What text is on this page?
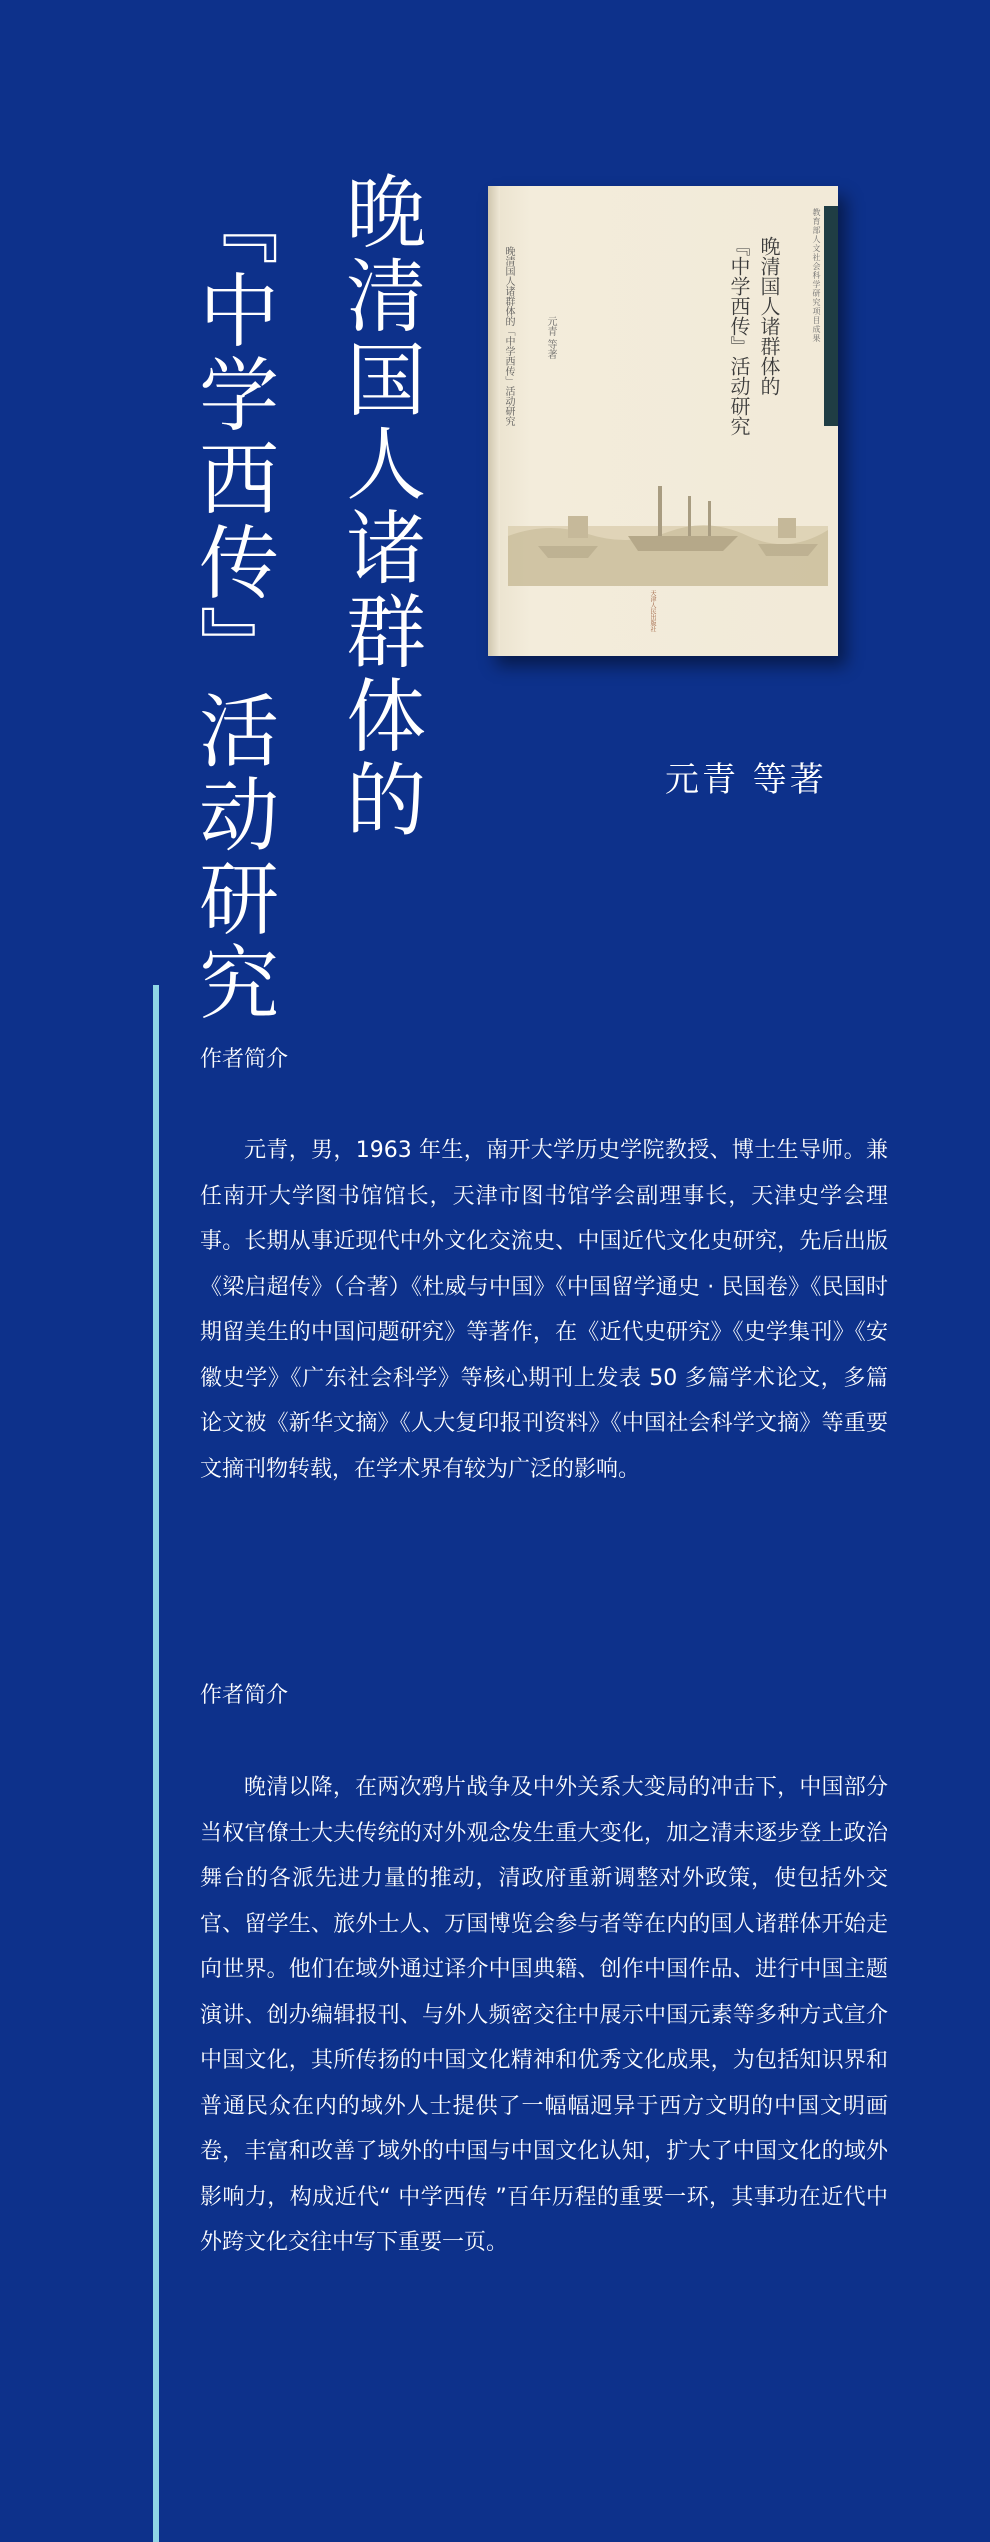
晚清国人诸群体的
『中学西传』活动研究	教育部人文社会科学研究项目成果
晚清国人诸群体的
『中学西传』活动研究
元青 等著
晚清国人诸群体的「中学西传」活动研究
天津人民出版社
元青 等著
作者简介

元青，男，1963 年生，南开大学历史学院教授、博士生导师。兼任南开大学图书馆馆长，天津市图书馆学会副理事长，天津史学会理事。长期从事近现代中外文化交流史、中国近代文化史研究，先后出版《梁启超传》（合著）《杜威与中国》《中国留学通史 · 民国卷》《民国时期留美生的中国问题研究》等著作，在《近代史研究》《史学集刊》《安徽史学》《广东社会科学》等核心期刊上发表 50 多篇学术论文，多篇论文被《新华文摘》《人大复印报刊资料》《中国社会科学文摘》等重要文摘刊物转载，在学术界有较为广泛的影响。

作者简介

晚清以降，在两次鸦片战争及中外关系大变局的冲击下，中国部分当权官僚士大夫传统的对外观念发生重大变化，加之清末逐步登上政治舞台的各派先进力量的推动，清政府重新调整对外政策，使包括外交官、留学生、旅外士人、万国博览会参与者等在内的国人诸群体开始走向世界。他们在域外通过译介中国典籍、创作中国作品、进行中国主题演讲、创办编辑报刊、与外人频密交往中展示中国元素等多种方式宣介中国文化，其所传扬的中国文化精神和优秀文化成果，为包括知识界和普通民众在内的域外人士提供了一幅幅迥异于西方文明的中国文明画卷，丰富和改善了域外的中国与中国文化认知，扩大了中国文化的域外影响力，构成近代“ 中学西传 ”百年历程的重要一环，其事功在近代中外跨文化交往中写下重要一页。
